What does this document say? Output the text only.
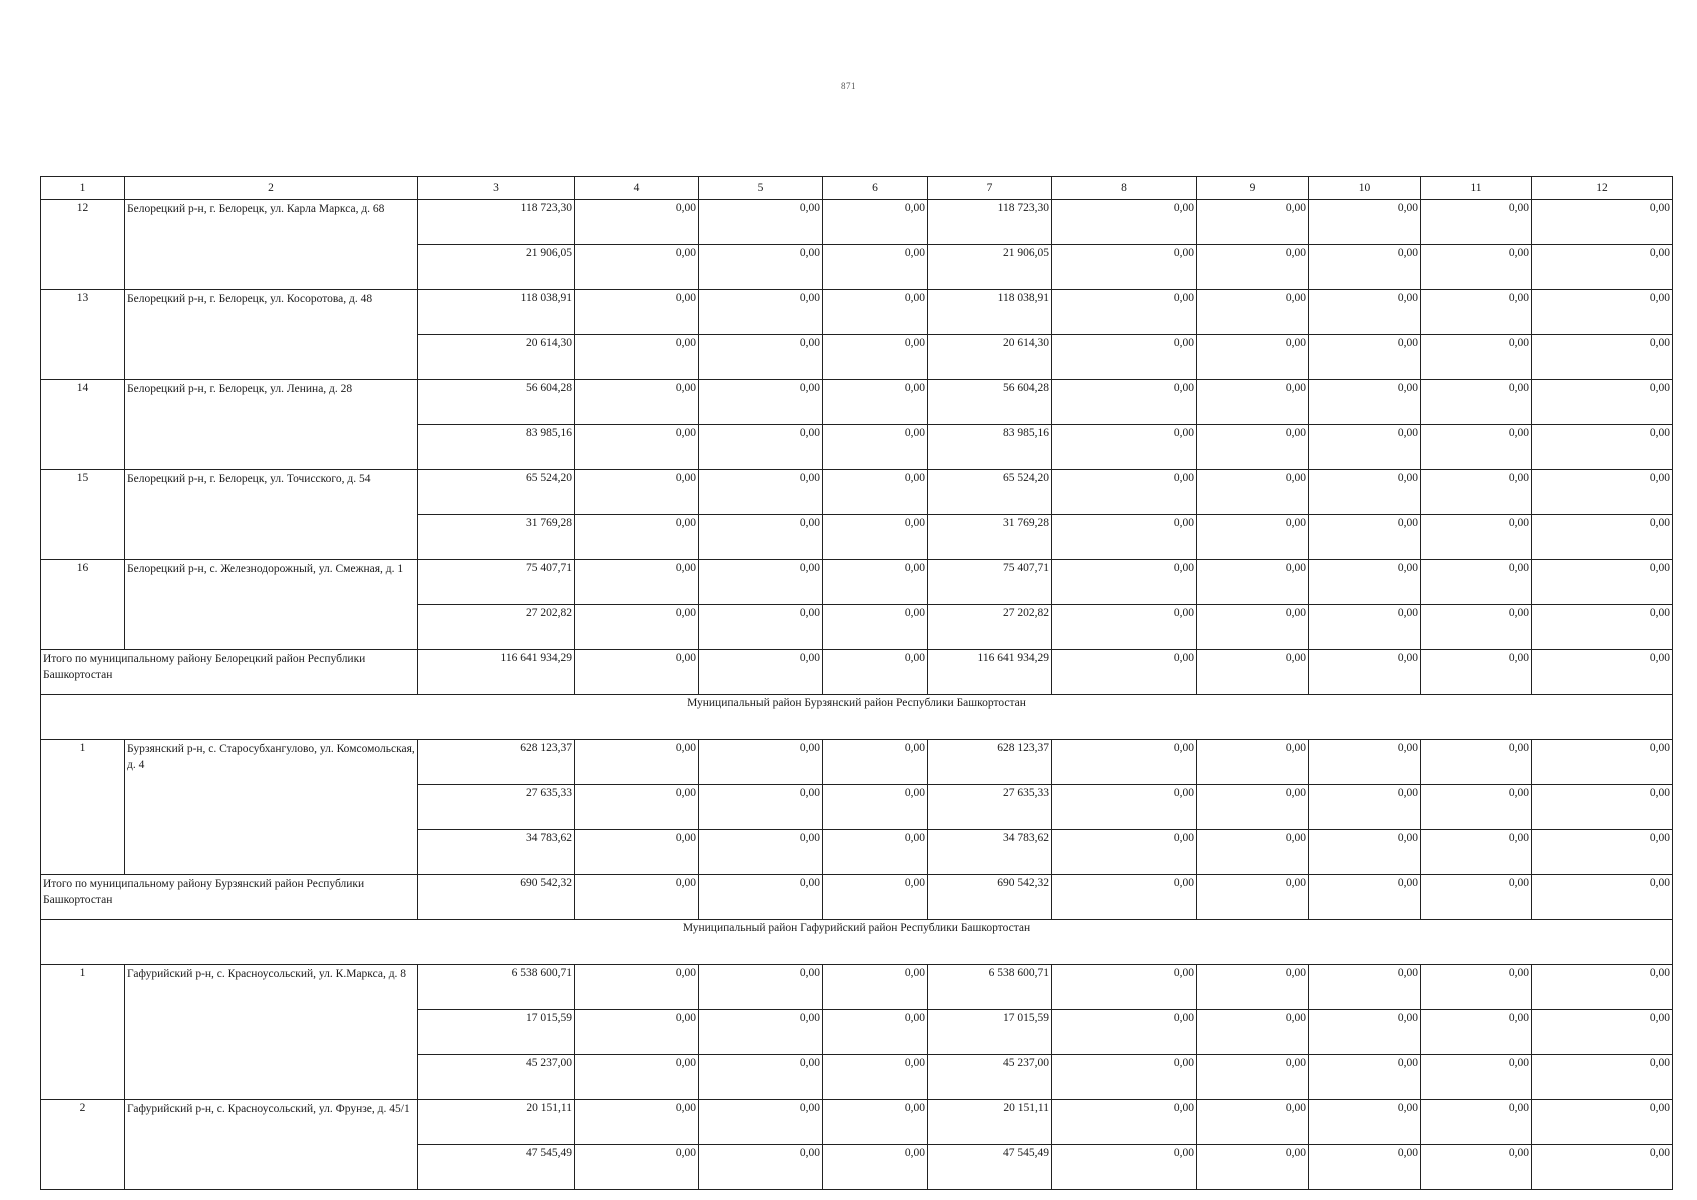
871
1	2	3	4	5	6	7	8	9	10	11	12
12	Белорецкий р-н, г. Белорецк, ул. Карла Маркса, д. 68	118 723,30	0,00	0,00	0,00	118 723,30	0,00	0,00	0,00	0,00	0,00
		21 906,05	0,00	0,00	0,00	21 906,05	0,00	0,00	0,00	0,00	0,00
13	Белорецкий р-н, г. Белорецк, ул. Косоротова, д. 48	118 038,91	0,00	0,00	0,00	118 038,91	0,00	0,00	0,00	0,00	0,00
		20 614,30	0,00	0,00	0,00	20 614,30	0,00	0,00	0,00	0,00	0,00
14	Белорецкий р-н, г. Белорецк, ул. Ленина, д. 28	56 604,28	0,00	0,00	0,00	56 604,28	0,00	0,00	0,00	0,00	0,00
		83 985,16	0,00	0,00	0,00	83 985,16	0,00	0,00	0,00	0,00	0,00
15	Белорецкий р-н, г. Белорецк, ул. Точисского, д. 54	65 524,20	0,00	0,00	0,00	65 524,20	0,00	0,00	0,00	0,00	0,00
		31 769,28	0,00	0,00	0,00	31 769,28	0,00	0,00	0,00	0,00	0,00
16	Белорецкий р-н, с. Железнодорожный, ул. Смежная, д. 1	75 407,71	0,00	0,00	0,00	75 407,71	0,00	0,00	0,00	0,00	0,00
		27 202,82	0,00	0,00	0,00	27 202,82	0,00	0,00	0,00	0,00	0,00
Итого по муниципальному району Белорецкий район Республики Башкортостан		116 641 934,29	0,00	0,00	0,00	116 641 934,29	0,00	0,00	0,00	0,00	0,00
Муниципальный район Бурзянский район Республики Башкортостан											
1	Бурзянский р-н, с. Старосубхангулово, ул. Комсомольская, д. 4	628 123,37	0,00	0,00	0,00	628 123,37	0,00	0,00	0,00	0,00	0,00
		27 635,33	0,00	0,00	0,00	27 635,33	0,00	0,00	0,00	0,00	0,00
		34 783,62	0,00	0,00	0,00	34 783,62	0,00	0,00	0,00	0,00	0,00
Итого по муниципальному району Бурзянский район Республики Башкортостан		690 542,32	0,00	0,00	0,00	690 542,32	0,00	0,00	0,00	0,00	0,00
Муниципальный район Гафурийский район Республики Башкортостан											
1	Гафурийский р-н, с. Красноусольский, ул. К.Маркса, д. 8	6 538 600,71	0,00	0,00	0,00	6 538 600,71	0,00	0,00	0,00	0,00	0,00
		17 015,59	0,00	0,00	0,00	17 015,59	0,00	0,00	0,00	0,00	0,00
		45 237,00	0,00	0,00	0,00	45 237,00	0,00	0,00	0,00	0,00	0,00
2	Гафурийский р-н, с. Красноусольский, ул. Фрунзе, д. 45/1	20 151,11	0,00	0,00	0,00	20 151,11	0,00	0,00	0,00	0,00	0,00
		47 545,49	0,00	0,00	0,00	47 545,49	0,00	0,00	0,00	0,00	0,00
